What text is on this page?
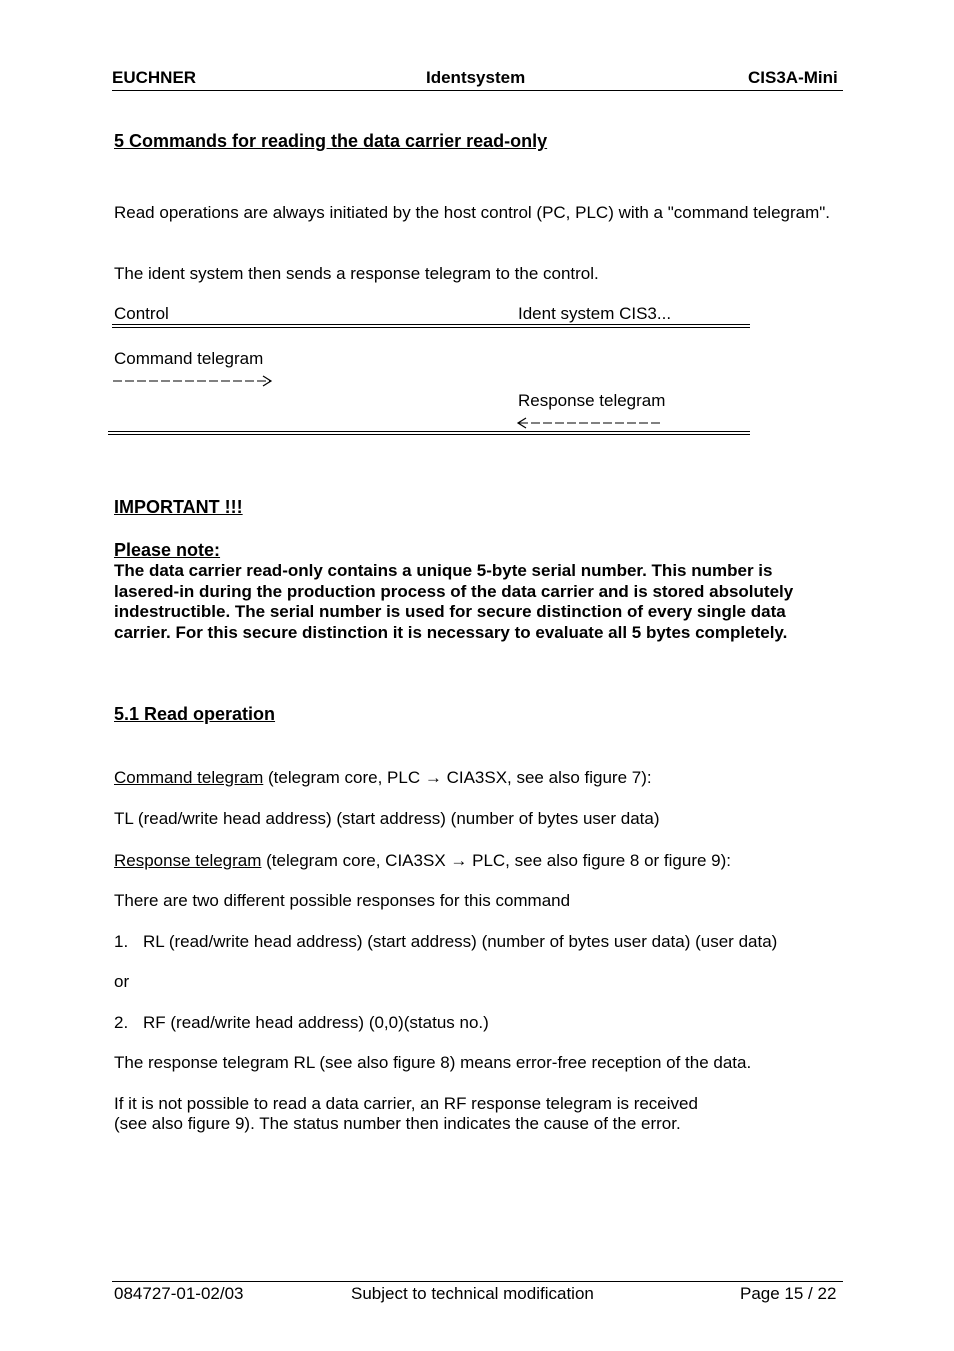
EUCHNER	Identsystem	CIS3A-Mini
5 Commands for reading the data carrier read-only
Read operations are always initiated by the host control (PC, PLC) with a "command telegram".
The ident system then sends a response telegram to the control.
Control	Ident system CIS3...
Command telegram
Response telegram
IMPORTANT !!!
Please note:
The data carrier read-only contains a unique 5-byte serial number. This number is lasered-in during the production process of the data carrier and is stored absolutely indestructible. The serial number is used for secure distinction of every single data carrier. For this secure distinction it is necessary to evaluate all 5 bytes completely.
5.1 Read operation
Command telegram (telegram core, PLC → CIA3SX, see also figure 7):
TL (read/write head address) (start address) (number of bytes user data)
Response telegram (telegram core, CIA3SX → PLC, see also figure 8 or figure 9):
There are two different possible responses for this command
1. RL (read/write head address) (start address) (number of bytes user data) (user data)
or
2. RF (read/write head address) (0,0)(status no.)
The response telegram RL (see also figure 8) means error-free reception of the data.
If it is not possible to read a data carrier, an RF response telegram is received
(see also figure 9). The status number then indicates the cause of the error.
084727-01-02/03	Subject to technical modification	Page 15 / 22
